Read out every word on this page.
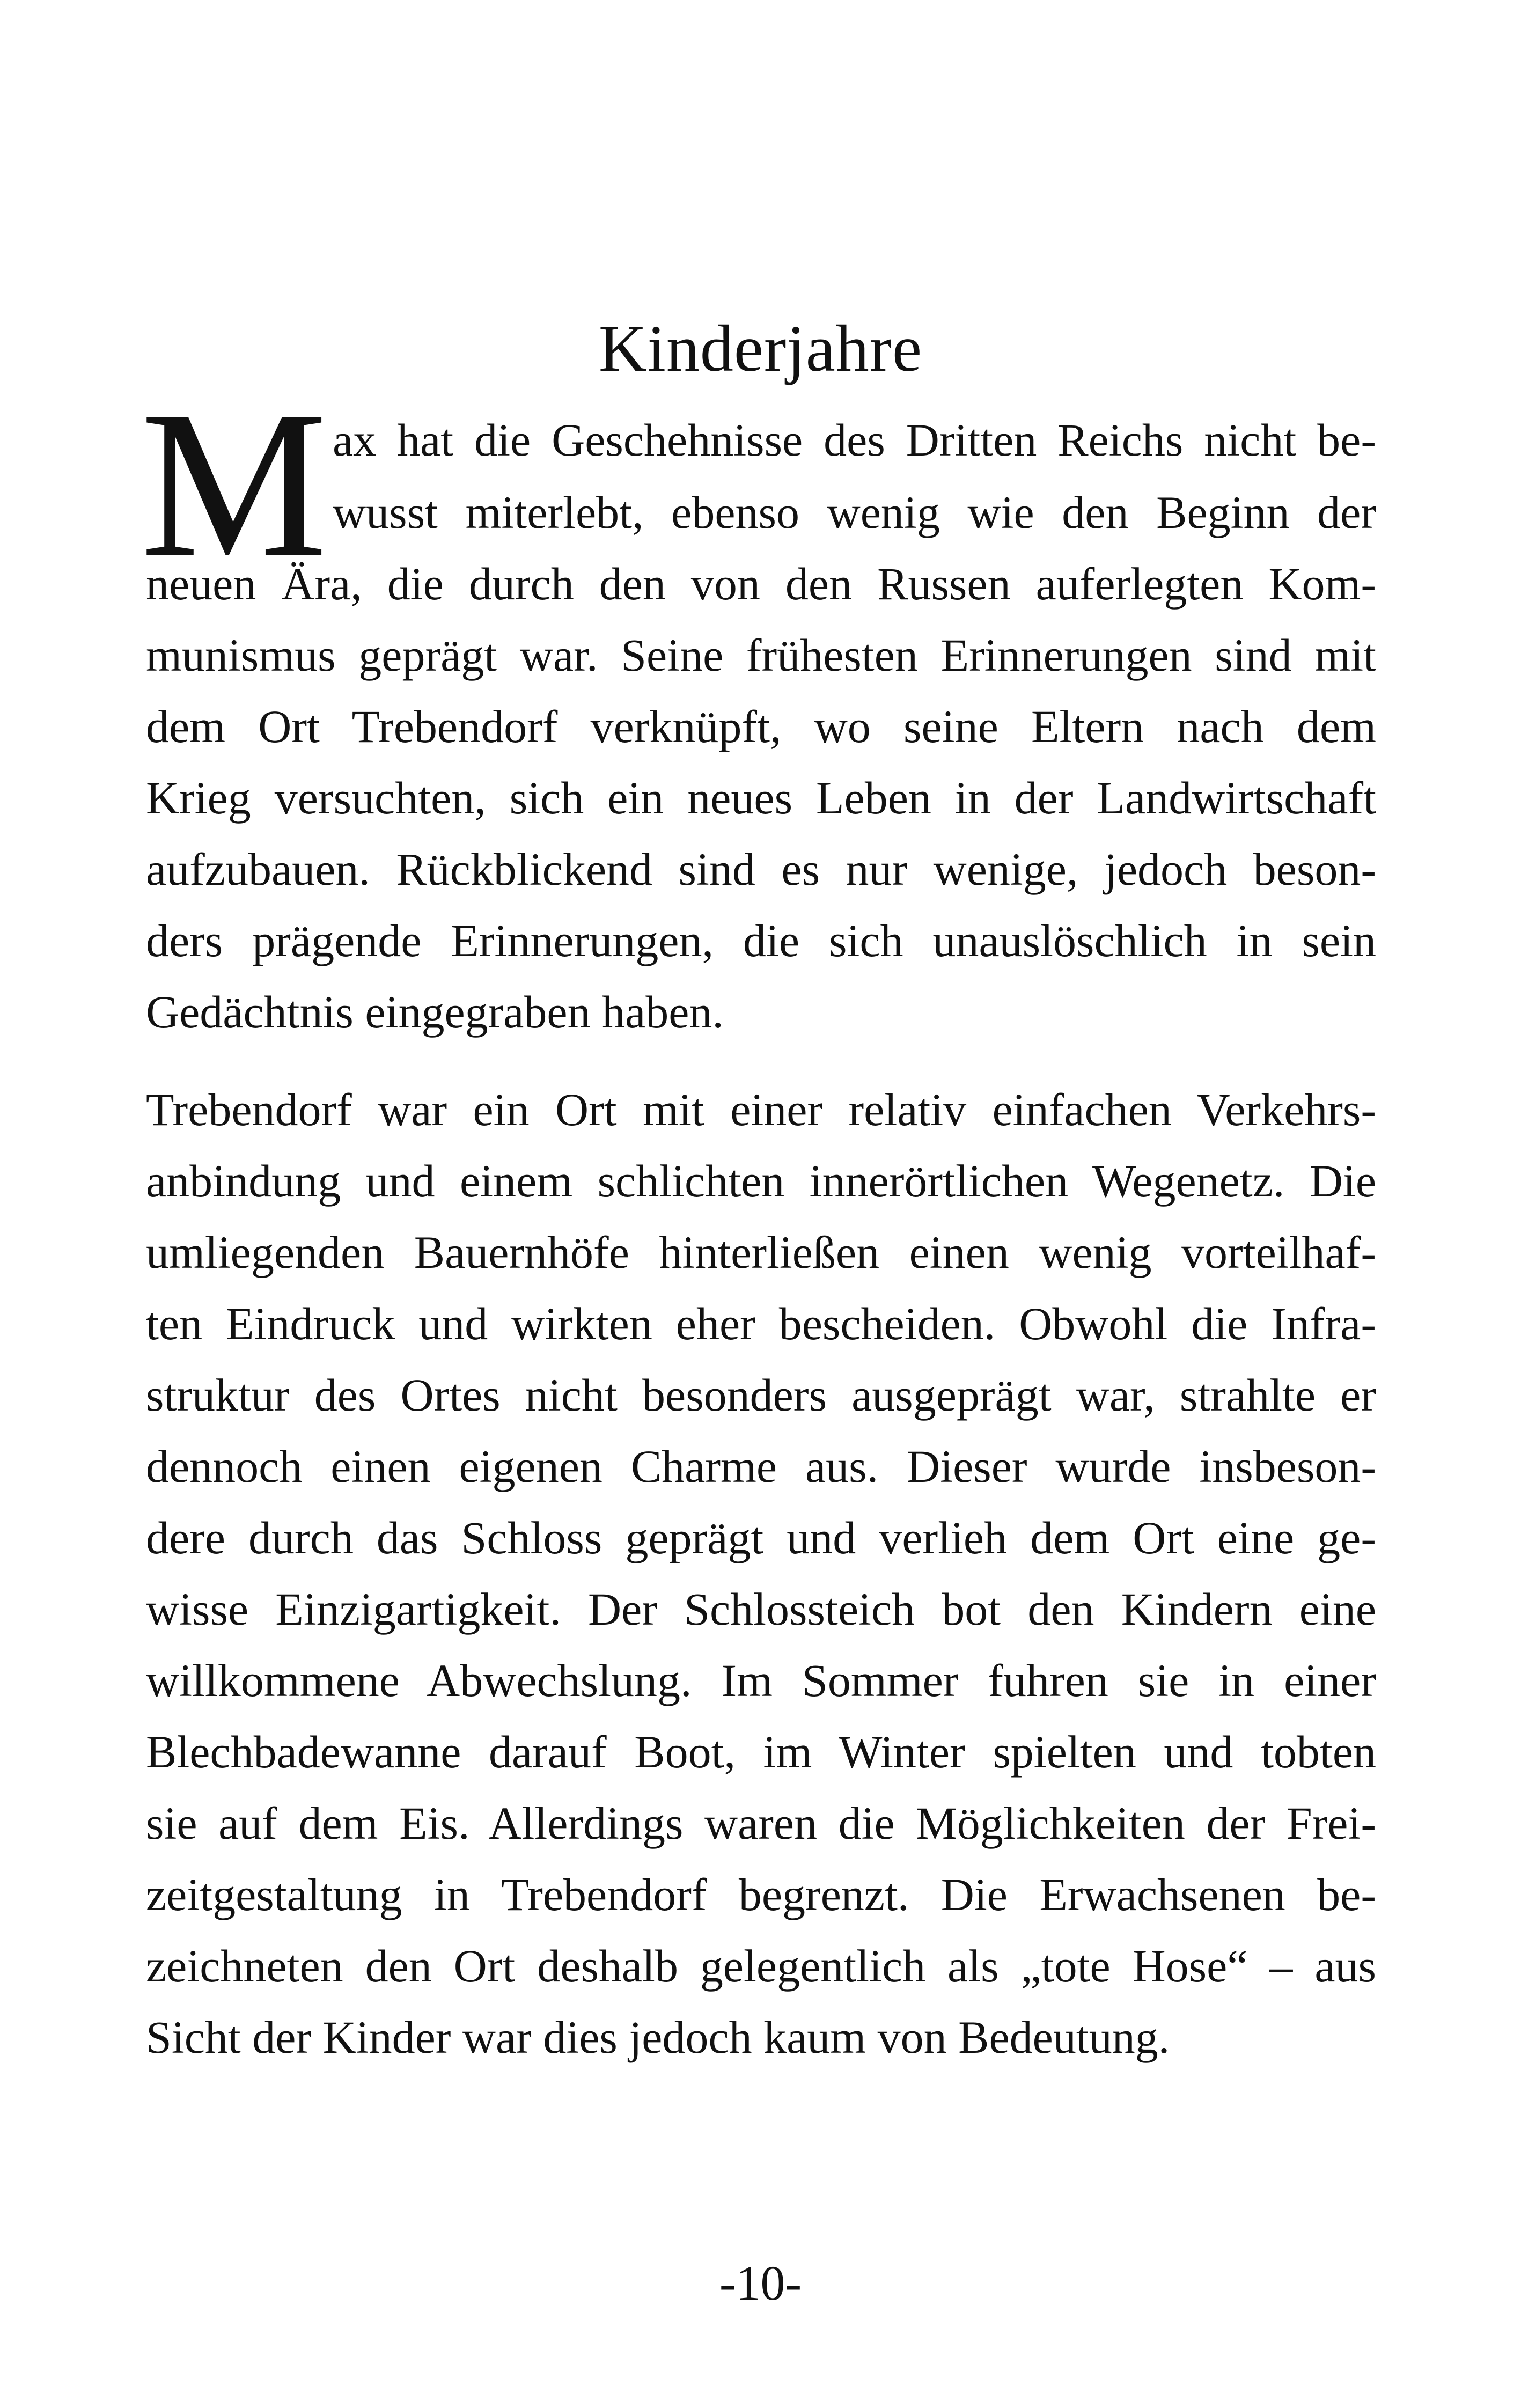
Kinderjahre
M ax hat die Geschehnisse des Dritten Reichs nicht be-

wusst miterlebt, ebenso wenig wie den Beginn der

neuen Ära, die durch den von den Russen auferlegten Kom-

munismus geprägt war. Seine frühesten Erinnerungen sind mit

dem Ort Trebendorf verknüpft, wo seine Eltern nach dem

Krieg versuchten, sich ein neues Leben in der Landwirtschaft

aufzubauen. Rückblickend sind es nur wenige, jedoch beson-

ders prägende Erinnerungen, die sich unauslöschlich in sein

Gedächtnis eingegraben haben.

Trebendorf war ein Ort mit einer relativ einfachen Verkehrs-

anbindung und einem schlichten innerörtlichen Wegenetz. Die

umliegenden Bauernhöfe hinterließen einen wenig vorteilhaf-

ten Eindruck und wirkten eher bescheiden. Obwohl die Infra-

struktur des Ortes nicht besonders ausgeprägt war, strahlte er

dennoch einen eigenen Charme aus. Dieser wurde insbeson-

dere durch das Schloss geprägt und verlieh dem Ort eine ge-

wisse Einzigartigkeit. Der Schlossteich bot den Kindern eine

willkommene Abwechslung. Im Sommer fuhren sie in einer

Blechbadewanne darauf Boot, im Winter spielten und tobten

sie auf dem Eis. Allerdings waren die Möglichkeiten der Frei-

zeitgestaltung in Trebendorf begrenzt. Die Erwachsenen be-

zeichneten den Ort deshalb gelegentlich als „tote Hose“ – aus

Sicht der Kinder war dies jedoch kaum von Bedeutung.

-10-
